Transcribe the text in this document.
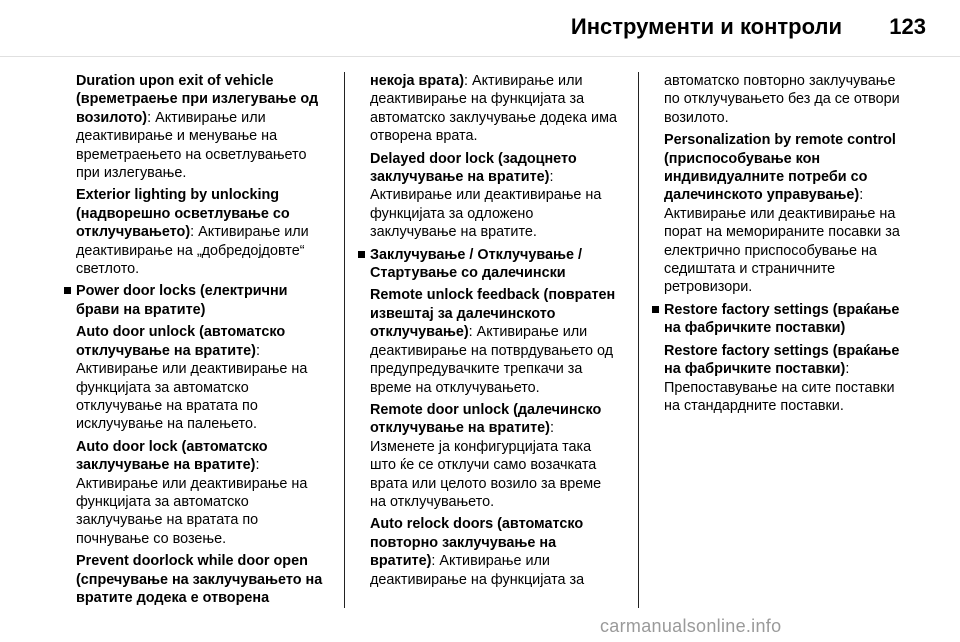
Инструменти и контроли 123
Duration upon exit of vehicle (времетраење при излегување од возилото): Активирање или деактивирање и менување на времетраењето на осветлувањето при излегување.
Exterior lighting by unlocking (надворешно осветлување со отклучувањето): Активирање или деактивирање на „добредојдовте“ светлото.
Power door locks (електрични брави на вратите)
Auto door unlock (автоматско отклучување на вратите): Активирање или деактивирање на функцијата за автоматско отклучување на вратата по исклучување на палењето.
Auto door lock (автоматско заклучување на вратите): Активирање или деактивирање на функцијата за автоматско заклучување на вратата по почнување со возење.
Prevent doorlock while door open (спречување на заклучувањето на вратите додека е отворена
некоја врата): Активирање или деактивирање на функцијата за автоматско заклучување додека има отворена врата.
Delayed door lock (задоцнето заклучување на вратите): Активирање или деактивирање на функцијата за одложено заклучување на вратите.
Заклучување / Отклучување / Стартување со далечински
Remote unlock feedback (повратен извештај за далечинското отклучување): Активирање или деактивирање на потврдувањето од предупредувачките трепкачи за време на отклучувањето.
Remote door unlock (далечинско отклучување на вратите): Изменете ја конфигурцијата така што ќе се отклучи само возачката врата или целото возило за време на отклучувањето.
Auto relock doors (автоматско повторно заклучување на вратите): Активирање или деактивирање на функцијата за
автоматско повторно заклучување по отклучувањето без да се отвори возилото.
Personalization by remote control (приспособување кон индивидуалните потреби со далечинското управување): Активирање или деактивирање на порат на меморираните посавки за електрично приспособување на седиштата и страничните ретровизори.
Restore factory settings (враќање на фабричките поставки)
Restore factory settings (враќање на фабричките поставки): Препоставување на сите поставки на стандардните поставки.
carmanualsonline.info
